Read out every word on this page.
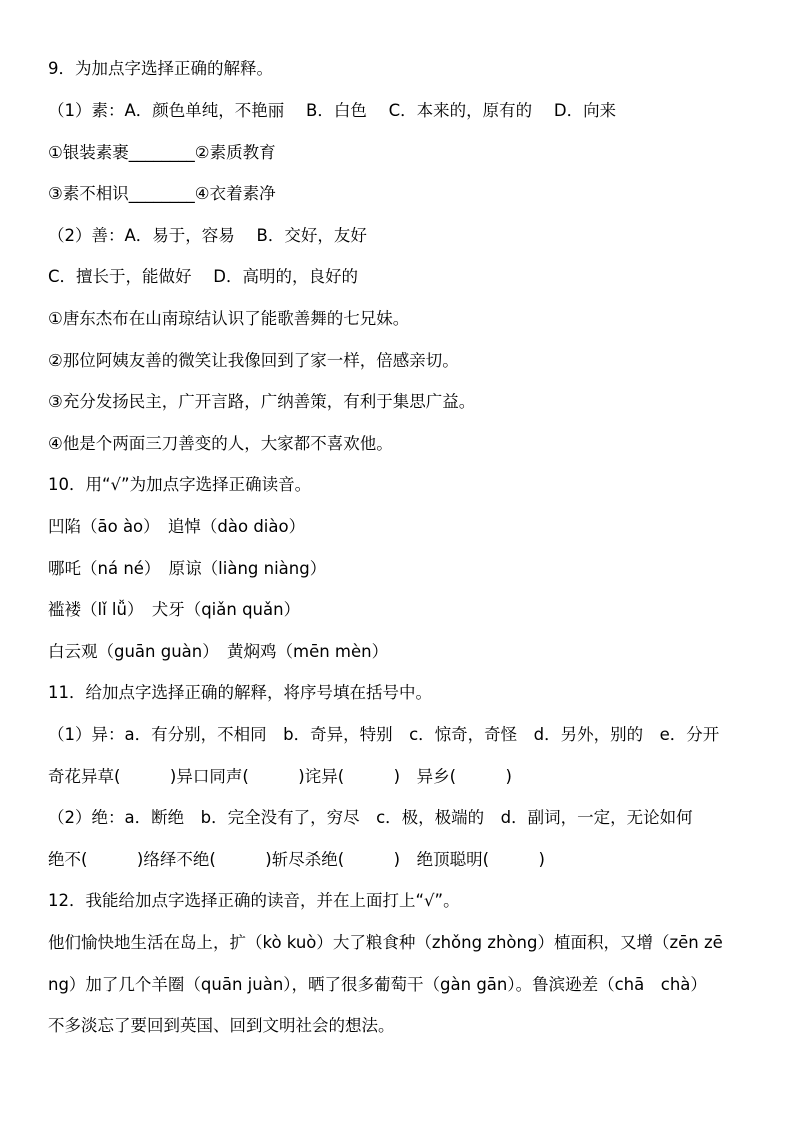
9．为加点字选择正确的解释。
（1）素：A．颜色单纯，不艳丽　 B．白色　 C．本来的，原有的　 D．向来
①银装素裹________②素质教育
③素不相识________④衣着素净
（2）善：A．易于，容易　 B．交好，友好
C．擅长于，能做好　 D．高明的，良好的
①唐东杰布在山南琼结认识了能歌善舞的七兄妹。
②那位阿姨友善的微笑让我像回到了家一样，倍感亲切。
③充分发扬民主，广开言路，广纳善策，有利于集思广益。
④他是个两面三刀善变的人，大家都不喜欢他。
10．用“√”为加点字选择正确读音。
凹陷（āo ào）　追悼（dào diào）
哪吒（ná né）　原谅（liàng niàng）
褴褛（lǐ lǚ）　犬牙（qiǎn quǎn）
白云观（guān guàn）　黄焖鸡（mēn mèn）
11．给加点字选择正确的解释，将序号填在括号中。
（1）异：a．有分别，不相同　b．奇异，特别　c．惊奇，奇怪　d．另外，别的　e．分开
奇花异草(　　　)异口同声(　　　)诧异(　　　)　异乡(　　　)
（2）绝：a．断绝　b．完全没有了，穷尽　c．极，极端的　d．副词，一定，无论如何
绝不(　　　)络绎不绝(　　　)斩尽杀绝(　　　)　绝顶聪明(　　　)
12．我能给加点字选择正确的读音，并在上面打上“√”。
他们愉快地生活在岛上，扩（kò kuò）大了粮食种（zhǒng zhòng）植面积，又增（zēn zē
ng）加了几个羊圈（quān juàn），晒了很多葡萄干（gàn gān）。鲁滨逊差（chā　chà）
不多淡忘了要回到英国、回到文明社会的想法。
